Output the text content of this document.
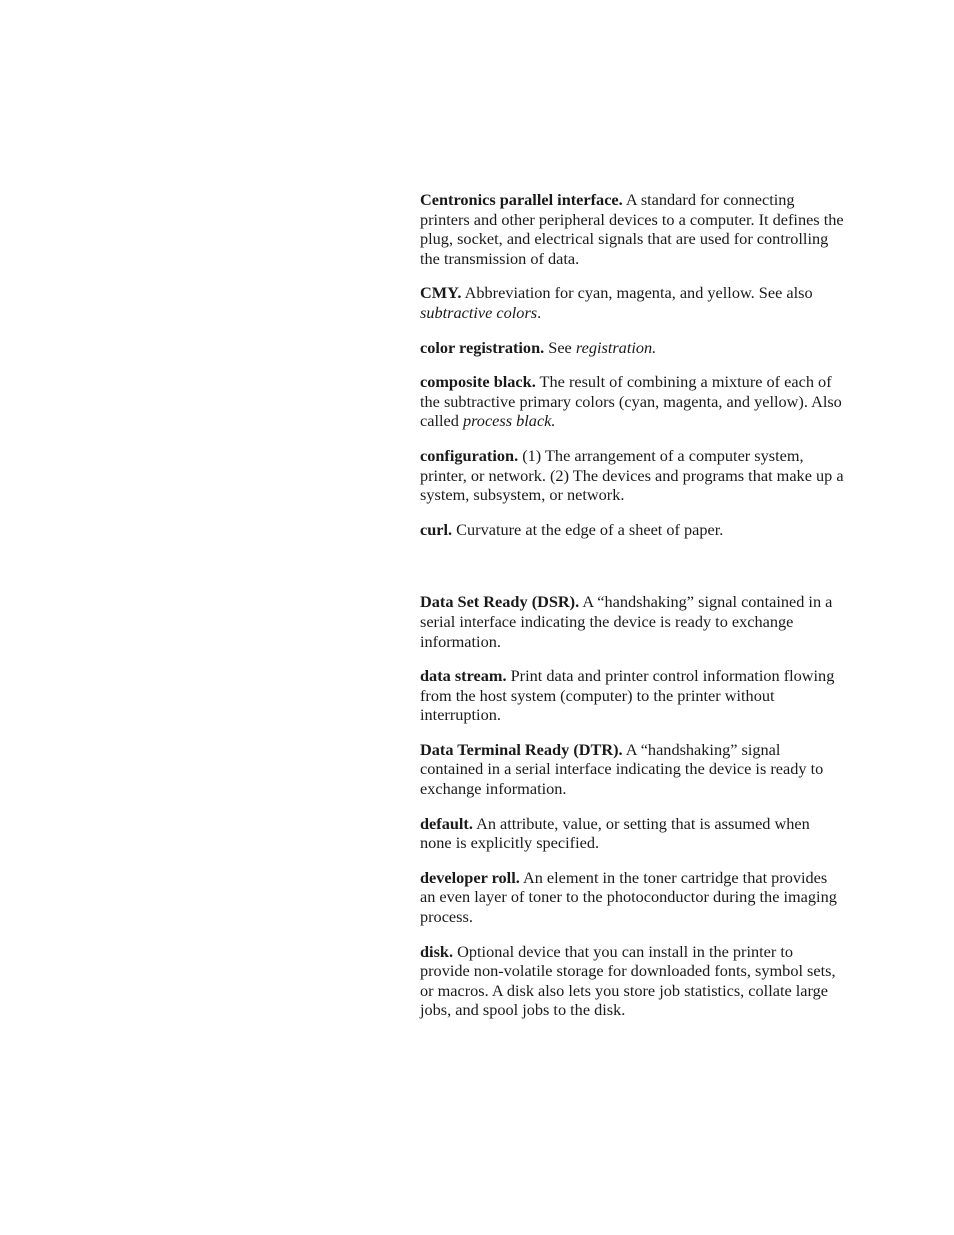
Centronics parallel interface. A standard for connecting printers and other peripheral devices to a computer. It defines the plug, socket, and electrical signals that are used for controlling the transmission of data.

CMY. Abbreviation for cyan, magenta, and yellow. See also subtractive colors.

color registration. See registration.

composite black. The result of combining a mixture of each of the subtractive primary colors (cyan, magenta, and yellow). Also called process black.

configuration. (1) The arrangement of a computer system, printer, or network. (2) The devices and programs that make up a system, subsystem, or network.

curl. Curvature at the edge of a sheet of paper.

Data Set Ready (DSR). A “handshaking” signal contained in a serial interface indicating the device is ready to exchange information.

data stream. Print data and printer control information flowing from the host system (computer) to the printer without interruption.

Data Terminal Ready (DTR). A “handshaking” signal contained in a serial interface indicating the device is ready to exchange information.

default. An attribute, value, or setting that is assumed when none is explicitly specified.

developer roll. An element in the toner cartridge that provides an even layer of toner to the photoconductor during the imaging process.

disk. Optional device that you can install in the printer to provide non-volatile storage for downloaded fonts, symbol sets, or macros. A disk also lets you store job statistics, collate large jobs, and spool jobs to the disk.
